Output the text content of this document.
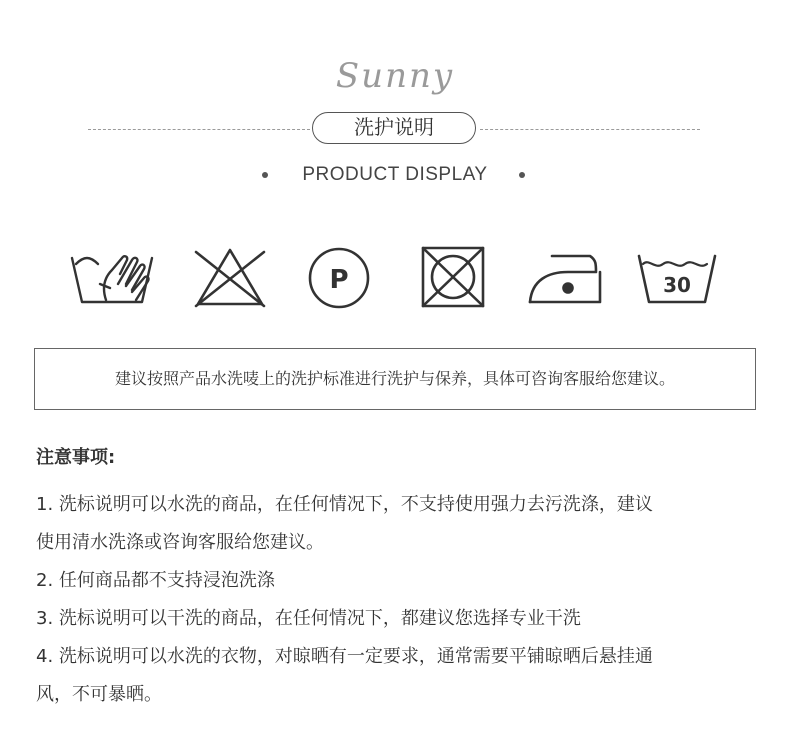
Sunny
洗护说明
PRODUCT DISPLAY
P	30
建议按照产品水洗唛上的洗护标准进行洗护与保养，具体可咨询客服给您建议。
注意事项:
1. 洗标说明可以水洗的商品，在任何情况下，不支持使用强力去污洗涤，建议
使用清水洗涤或咨询客服给您建议。
2. 任何商品都不支持浸泡洗涤
3. 洗标说明可以干洗的商品，在任何情况下，都建议您选择专业干洗
4. 洗标说明可以水洗的衣物，对晾晒有一定要求，通常需要平铺晾晒后悬挂通
风，不可暴晒。
